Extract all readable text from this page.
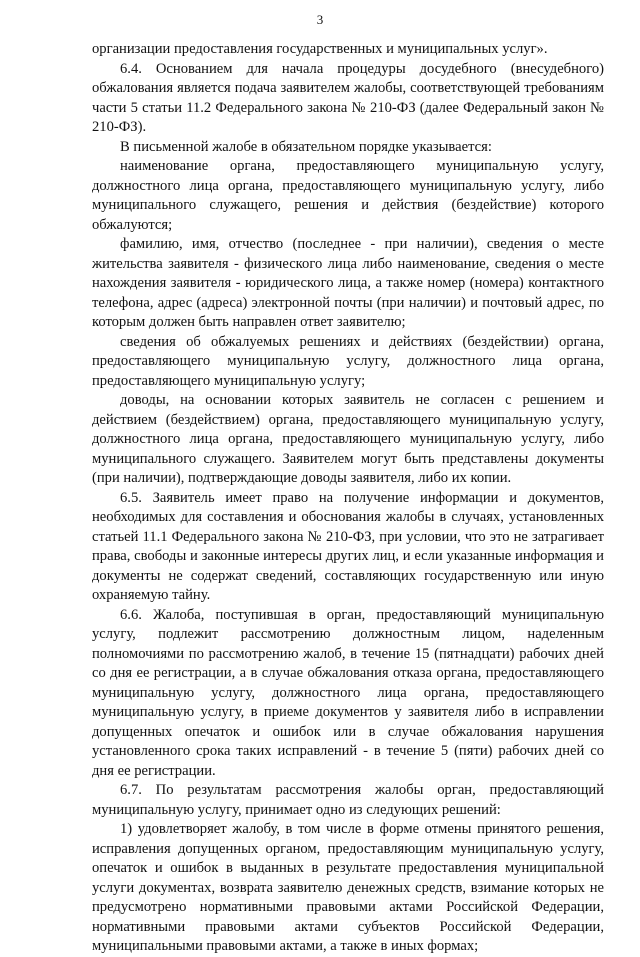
3

организации предоставления государственных и муниципальных услуг».

6.4. Основанием для начала процедуры досудебного (внесудебного) обжалования является подача заявителем жалобы, соответствующей требованиям части 5 статьи 11.2 Федерального закона № 210-ФЗ (далее Федеральный закон № 210-ФЗ).

В письменной жалобе в обязательном порядке указывается:

наименование органа, предоставляющего муниципальную услугу, должностного лица органа, предоставляющего муниципальную услугу, либо муниципального служащего, решения и действия (бездействие) которого обжалуются;

фамилию, имя, отчество (последнее - при наличии), сведения о месте жительства заявителя - физического лица либо наименование, сведения о месте нахождения заявителя - юридического лица, а также номер (номера) контактного телефона, адрес (адреса) электронной почты (при наличии) и почтовый адрес, по которым должен быть направлен ответ заявителю;

сведения об обжалуемых решениях и действиях (бездействии) органа, предоставляющего муниципальную услугу, должностного лица органа, предоставляющего муниципальную услугу;

доводы, на основании которых заявитель не согласен с решением и действием (бездействием) органа, предоставляющего муниципальную услугу, должностного лица органа, предоставляющего муниципальную услугу, либо муниципального служащего. Заявителем могут быть представлены документы (при наличии), подтверждающие доводы заявителя, либо их копии.

6.5. Заявитель имеет право на получение информации и документов, необходимых для составления и обоснования жалобы в случаях, установленных статьей 11.1 Федерального закона № 210-ФЗ, при условии, что это не затрагивает права, свободы и законные интересы других лиц, и если указанные информация и документы не содержат сведений, составляющих государственную или иную охраняемую тайну.

6.6. Жалоба, поступившая в орган, предоставляющий муниципальную услугу, подлежит рассмотрению должностным лицом, наделенным полномочиями по рассмотрению жалоб, в течение 15 (пятнадцати) рабочих дней со дня ее регистрации, а в случае обжалования отказа органа, предоставляющего муниципальную услугу, должностного лица органа, предоставляющего муниципальную услугу, в приеме документов у заявителя либо в исправлении допущенных опечаток и ошибок или в случае обжалования нарушения установленного срока таких исправлений - в течение 5 (пяти) рабочих дней со дня ее регистрации.

6.7. По результатам рассмотрения жалобы орган, предоставляющий муниципальную услугу, принимает одно из следующих решений:

1) удовлетворяет жалобу, в том числе в форме отмены принятого решения, исправления допущенных органом, предоставляющим муниципальную услугу, опечаток и ошибок в выданных в результате предоставления муниципальной услуги документах, возврата заявителю денежных средств, взимание которых не предусмотрено нормативными правовыми актами Российской Федерации, нормативными правовыми актами субъектов Российской Федерации, муниципальными правовыми актами, а также в иных формах;
